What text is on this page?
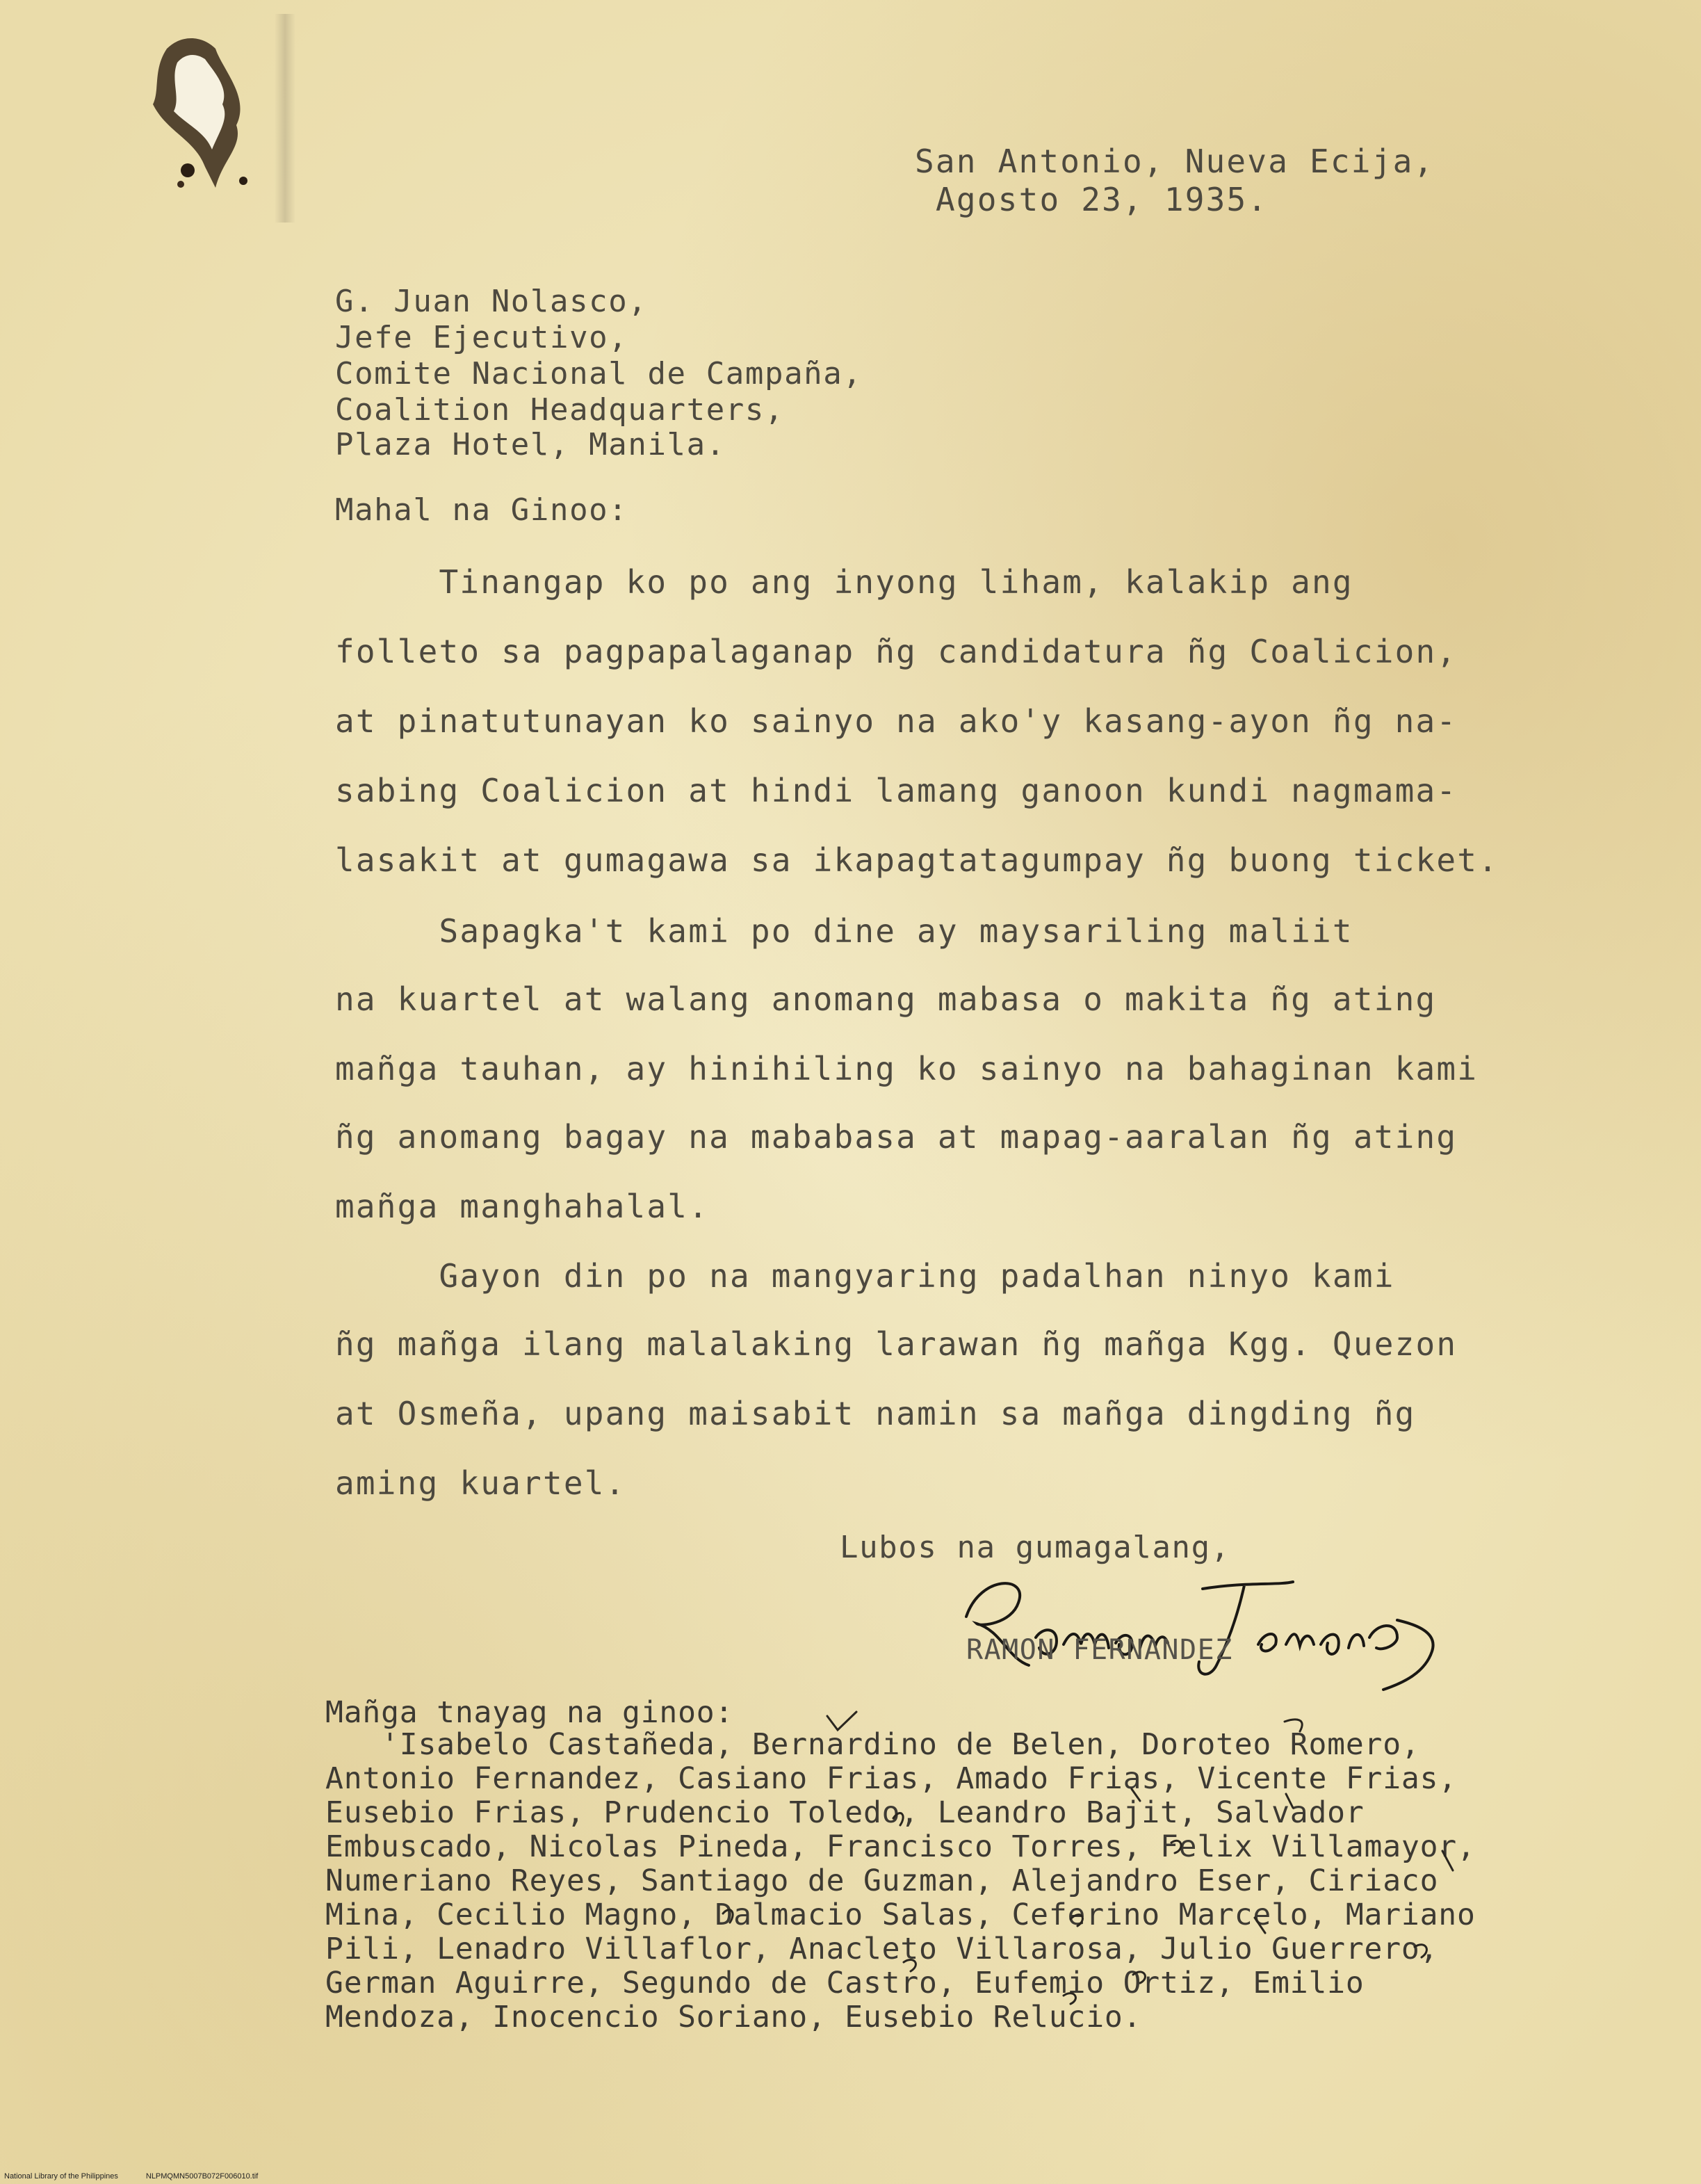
San Antonio, Nueva Ecija,
Agosto 23, 1935.
G. Juan Nolasco,
Jefe Ejecutivo,
Comite Nacional de Campaña,
Coalition Headquarters,
Plaza Hotel, Manila.
Mahal na Ginoo:
Tinangap ko po ang inyong liham, kalakip ang
folleto sa pagpapalaganap ñg candidatura ñg Coalicion,
at pinatutunayan ko sainyo na ako'y kasang-ayon ñg na-
sabing Coalicion at hindi lamang ganoon kundi nagmama-
lasakit at gumagawa sa ikapagtatagumpay ñg buong ticket.
Sapagka't kami po dine ay maysariling maliit
na kuartel at walang anomang mabasa o makita ñg ating
mañga tauhan, ay hinihiling ko sainyo na bahaginan kami
ñg anomang bagay na mababasa at mapag-aaralan ñg ating
mañga manghahalal.
Gayon din po na mangyaring padalhan ninyo kami
ñg mañga ilang malalaking larawan ñg mañga Kgg. Quezon
at Osmeña, upang maisabit namin sa mañga dingding ñg
aming kuartel.
Lubos na gumagalang,
RAMON FERNANDEZ
Mañga tnayag na ginoo:
'Isabelo Castañeda, Bernardino de Belen, Doroteo Romero,
Antonio Fernandez, Casiano Frias, Amado Frias, Vicente Frias,
Eusebio Frias, Prudencio Toledo, Leandro Bajit, Salvador
Embuscado, Nicolas Pineda, Francisco Torres, Felix Villamayor,
Numeriano Reyes, Santiago de Guzman, Alejandro Eser, Ciriaco
Mina, Cecilio Magno, Dalmacio Salas, Ceferino Marcelo, Mariano
Pili, Lenadro Villaflor, Anacleto Villarosa, Julio Guerrero,
German Aguirre, Segundo de Castro, Eufemio Ortiz, Emilio
Mendoza, Inocencio Soriano, Eusebio Relucio.
National Library of the Philippines	NLPMQMN5007B072F006010.tif
